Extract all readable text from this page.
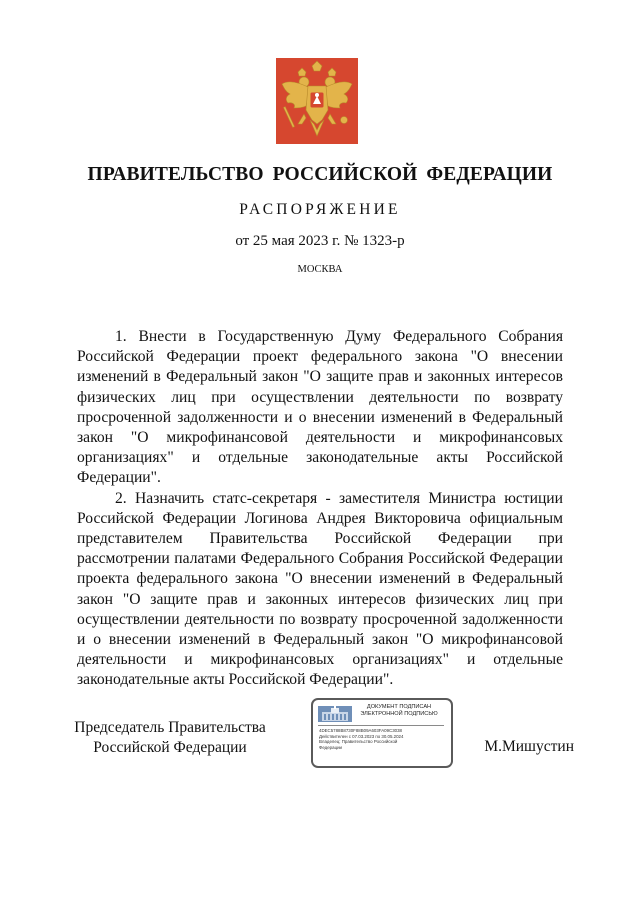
ПРАВИТЕЛЬСТВО РОССИЙСКОЙ ФЕДЕРАЦИИ
РАСПОРЯЖЕНИЕ
от 25 мая 2023 г. № 1323-р
МОСКВА

1. Внести в Государственную Думу Федерального Собрания Российской Федерации проект федерального закона "О внесении изменений в Федеральный закон "О защите прав и законных интересов физических лиц при осуществлении деятельности по возврату просроченной задолженности и о внесении изменений в Федеральный закон "О микрофинансовой деятельности и микрофинансовых организациях" и отдельные законодательные акты Российской Федерации".

2. Назначить статс-секретаря - заместителя Министра юстиции Российской Федерации Логинова Андрея Викторовича официальным представителем Правительства Российской Федерации при рассмотрении палатами Федерального Собрания Российской Федерации проекта федерального закона "О внесении изменений в Федеральный закон "О защите прав и законных интересов физических лиц при осуществлении деятельности по возврату просроченной задолженности и о внесении изменений в Федеральный закон "О микрофинансовой деятельности и микрофинансовых организациях" и отдельные законодательные акты Российской Федерации".

Председатель Правительства
Российской Федерации
ДОКУМЕНТ ПОДПИСАН
ЭЛЕКТРОННОЙ ПОДПИСЬЮ
4DEC5788B8730F88B09A603FA09C3038
Действителен с 07.03.2023 по 30.05.2024
Владелец: Правительство Российской
Федерации	М.Мишустин
